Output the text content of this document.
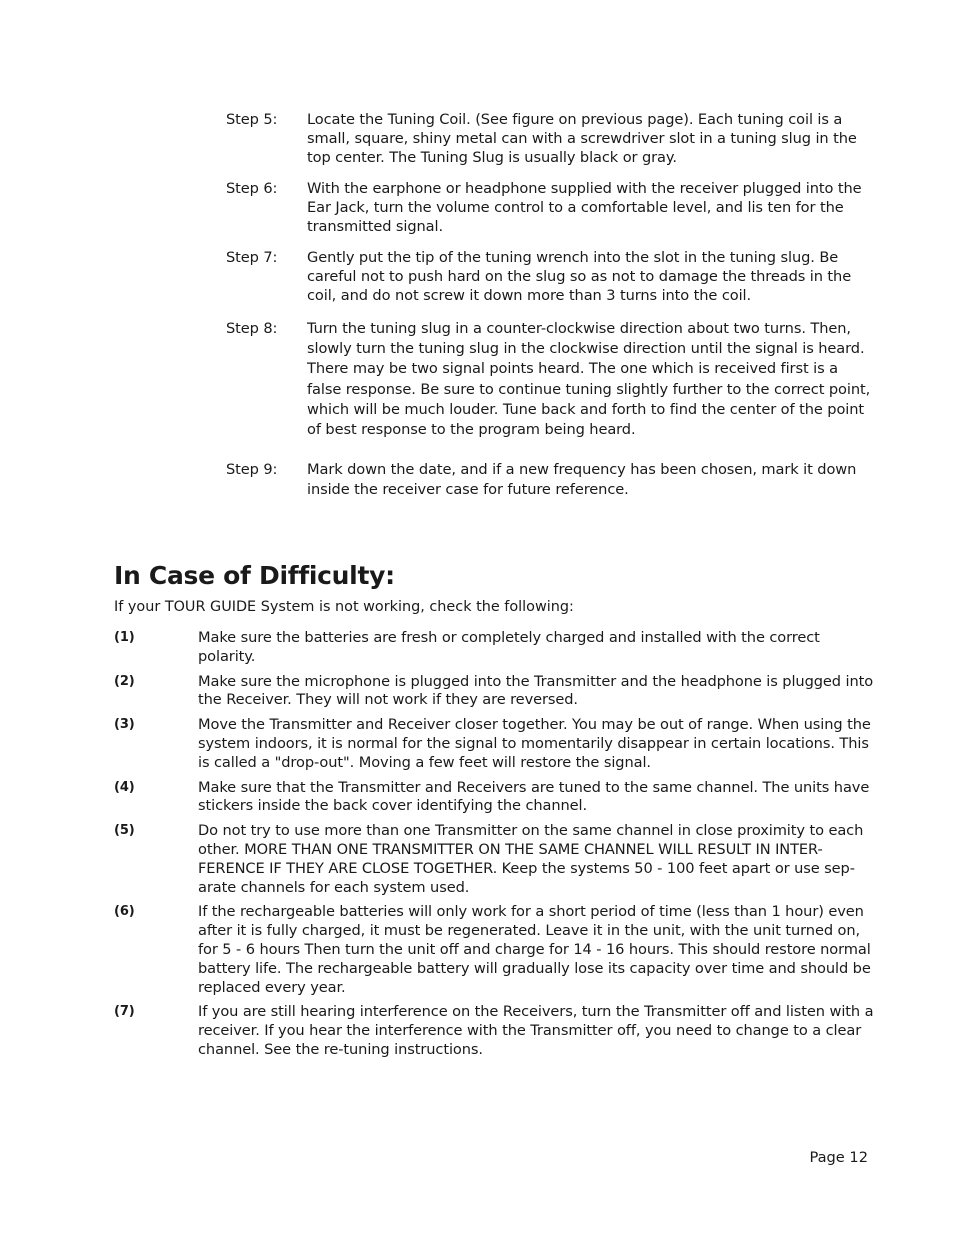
Step 5:	Locate the Tuning Coil. (See figure on previous page). Each tuning coil is a small, square, shiny metal can with a screwdriver slot in a tuning slug in the top center. The Tuning Slug is usually black or gray.
Step 6:	With the earphone or headphone supplied with the receiver plugged into the Ear Jack, turn the volume control to a comfortable level, and lis ten for the transmitted signal.
Step 7:	Gently put the tip of the tuning wrench into the slot in the tuning slug. Be careful not to push hard on the slug so as not to damage the threads in the coil, and do not screw it down more than 3 turns into the coil.
Step 8:	Turn the tuning slug in a counter-clockwise direction about two turns. Then, slowly turn the tuning slug in the clockwise direction until the signal is heard. There may be two signal points heard. The one which is received first is a false response. Be sure to continue tuning slightly further to the correct point, which will be much louder. Tune back and forth to find the center of the point of best response to the program being heard.
Step 9:	Mark down the date, and if a new frequency has been chosen, mark it down inside the receiver case for future reference.
In Case of Difficulty:
If your TOUR GUIDE System is not working, check the following:
(1)	Make sure the batteries are fresh or completely charged and installed with the correct polarity.
(2)	Make sure the microphone is plugged into the Transmitter and the headphone is plugged into the Receiver. They will not work if they are reversed.
(3)	Move the Transmitter and Receiver closer together. You may be out of range. When using the system indoors, it is normal for the signal to momentarily disappear in certain locations. This is called a "drop-out". Moving a few feet will restore the signal.
(4)	Make sure that the Transmitter and Receivers are tuned to the same channel. The units have stickers inside the back cover identifying the channel.
(5)	Do not try to use more than one Transmitter on the same channel in close proximity to each other. MORE THAN ONE TRANSMITTER ON THE SAME CHANNEL WILL RESULT IN INTER-FERENCE IF THEY ARE CLOSE TOGETHER. Keep the systems 50 - 100 feet apart or use sep-arate channels for each system used.
(6)	If the rechargeable batteries will only work for a short period of time (less than 1 hour) even after it is fully charged, it must be regenerated. Leave it in the unit, with the unit turned on, for 5 - 6 hours Then turn the unit off and charge for 14 - 16 hours. This should restore normal battery life. The rechargeable battery will gradually lose its capacity over time and should be replaced every year.
(7)	If you are still hearing interference on the Receivers, turn the Transmitter off and listen with a receiver. If you hear the interference with the Transmitter off, you need to change to a clear channel. See the re-tuning instructions.
Page 12
